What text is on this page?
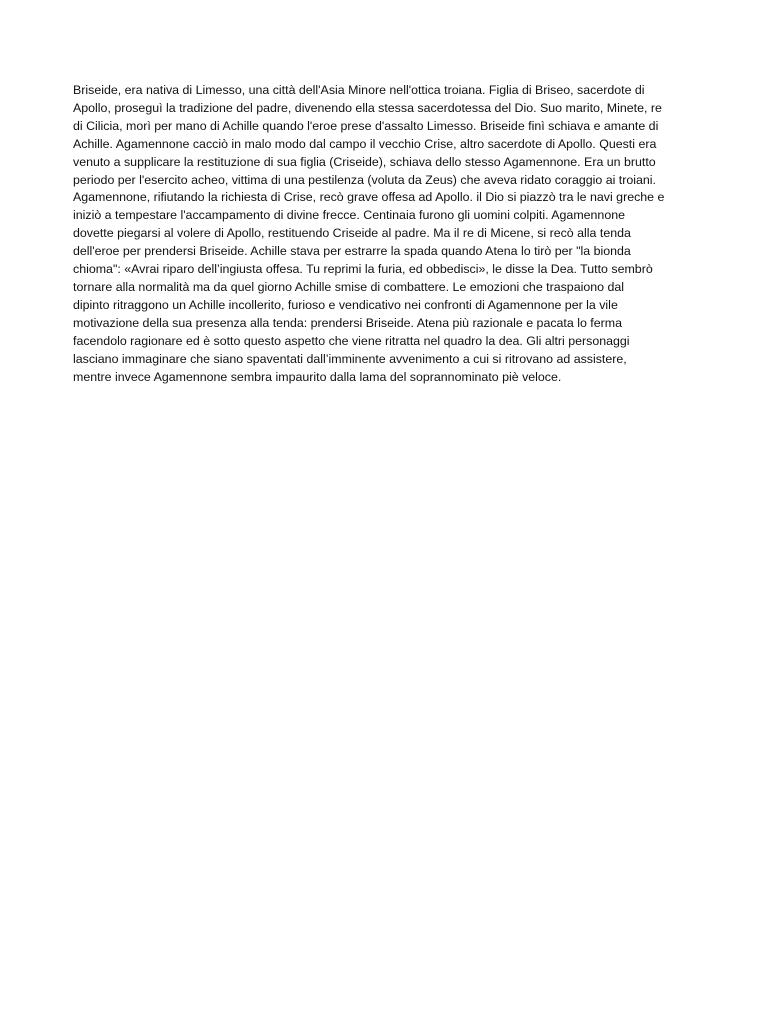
Briseide, era nativa di Limesso, una città dell'Asia Minore nell'ottica troiana. Figlia di Briseo, sacerdote di
Apollo, proseguì la tradizione del padre, divenendo ella stessa sacerdotessa del Dio. Suo marito, Minete, re
di Cilicia, morì per mano di Achille quando l'eroe prese d'assalto Limesso. Briseide finì schiava e amante di
Achille. Agamennone cacciò in malo modo dal campo il vecchio Crise, altro sacerdote di Apollo. Questi era
venuto a supplicare la restituzione di sua figlia (Criseide), schiava dello stesso Agamennone. Era un brutto
periodo per l'esercito acheo, vittima di una pestilenza (voluta da Zeus) che aveva ridato coraggio ai troiani.
Agamennone, rifiutando la richiesta di Crise, recò grave offesa ad Apollo. il Dio si piazzò tra le navi greche e
iniziò a tempestare l'accampamento di divine frecce. Centinaia furono gli uomini colpiti. Agamennone
dovette piegarsi al volere di Apollo, restituendo Criseide al padre. Ma il re di Micene, si recò alla tenda
dell'eroe per prendersi Briseide. Achille stava per estrarre la spada quando Atena lo tirò per "la bionda
chioma": «Avrai riparo dell’ingiusta offesa. Tu reprimi la furia, ed obbedisci», le disse la Dea. Tutto sembrò
tornare alla normalità ma da quel giorno Achille smise di combattere. Le emozioni che traspaiono dal
dipinto ritraggono un Achille incollerito, furioso e vendicativo nei confronti di Agamennone per la vile
motivazione della sua presenza alla tenda: prendersi Briseide. Atena più razionale e pacata lo ferma
facendolo ragionare ed è sotto questo aspetto che viene ritratta nel quadro la dea. Gli altri personaggi
lasciano immaginare che siano spaventati dall’imminente avvenimento a cui si ritrovano ad assistere,
mentre invece Agamennone sembra impaurito dalla lama del soprannominato piè veloce.
